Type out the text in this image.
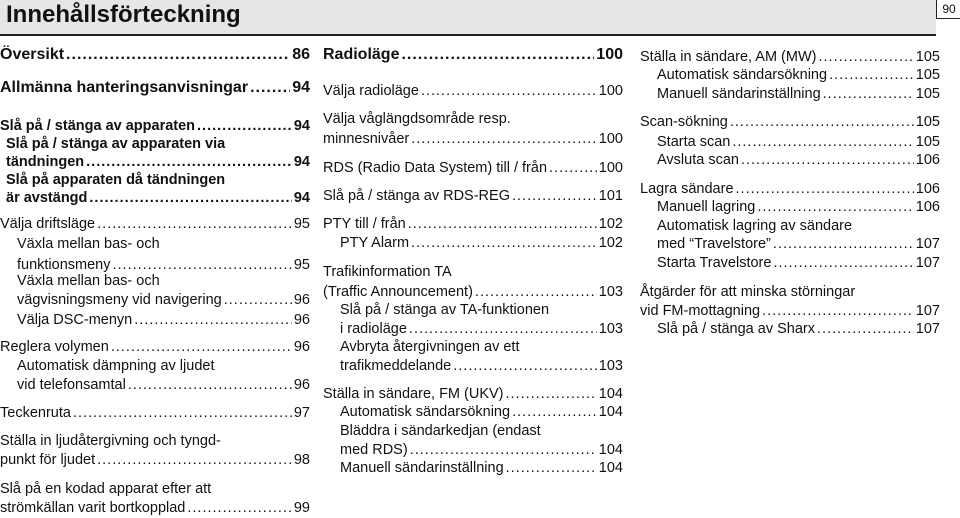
Innehållsförteckning	90
Översikt .....	86
Allmänna hanteringsanvisningar .....	94
Slå på / stänga av apparaten .....	94
Slå på / stänga av apparaten via
tändningen .....	94
Slå på apparaten då tändningen
är avstängd .....	94
Välja driftsläge .....	95
Växla mellan bas- och
funktionsmeny .....	95
Växla mellan bas- och
vägvisningsmeny vid navigering .....	96
Välja DSC-menyn .....	96
Reglera volymen .....	96
Automatisk dämpning av ljudet
vid telefonsamtal .....	96
Teckenruta .....	97
Ställa in ljudåtergivning och tyngd-
punkt för ljudet .....	98
Slå på en kodad apparat efter att
strömkällan varit bortkopplad .....	99
Radioläge .....	100
Välja radioläge .....	100
Välja våglängdsområde resp.
minnesnivåer .....	100
RDS (Radio Data System) till / från .....	100
Slå på / stänga av RDS-REG .....	101
PTY till / från .....	102
PTY Alarm .....	102
Trafikinformation TA
(Traffic Announcement) .....	103
Slå på / stänga av TA-funktionen
i radioläge .....	103
Avbryta återgivningen av ett
trafikmeddelande .....	103
Ställa in sändare, FM (UKV) .....	104
Automatisk sändarsökning .....	104
Bläddra i sändarkedjan (endast
med RDS) .....	104
Manuell sändarinställning .....	104
Ställa in sändare, AM (MW) .....	105
Automatisk sändarsökning .....	105
Manuell sändarinställning .....	105
Scan-sökning .....	105
Starta scan .....	105
Avsluta scan .....	106
Lagra sändare .....	106
Manuell lagring .....	106
Automatisk lagring av sändare
med “Travelstore” .....	107
Starta Travelstore .....	107
Åtgärder för att minska störningar
vid FM-mottagning .....	107
Slå på / stänga av Sharx .....	107
